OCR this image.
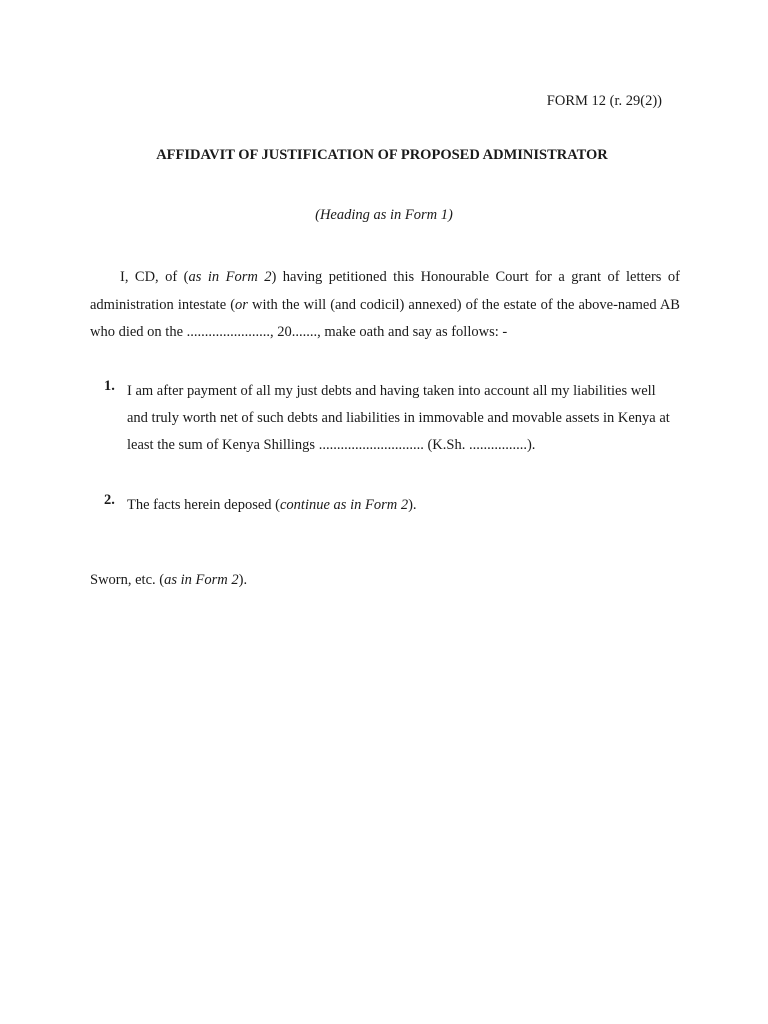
FORM 12 (r. 29(2))
AFFIDAVIT OF JUSTIFICATION OF PROPOSED ADMINISTRATOR
(Heading as in Form 1)
I, CD, of (as in Form 2) having petitioned this Honourable Court for a grant of letters of administration intestate (or with the will (and codicil) annexed) of the estate of the above-named AB who died on the ......................., 20......., make oath and say as follows: -
1. I am after payment of all my just debts and having taken into account all my liabilities well and truly worth net of such debts and liabilities in immovable and movable assets in Kenya at least the sum of Kenya Shillings ............................. (K.Sh. ................).
2. The facts herein deposed (continue as in Form 2).
Sworn, etc. (as in Form 2).
